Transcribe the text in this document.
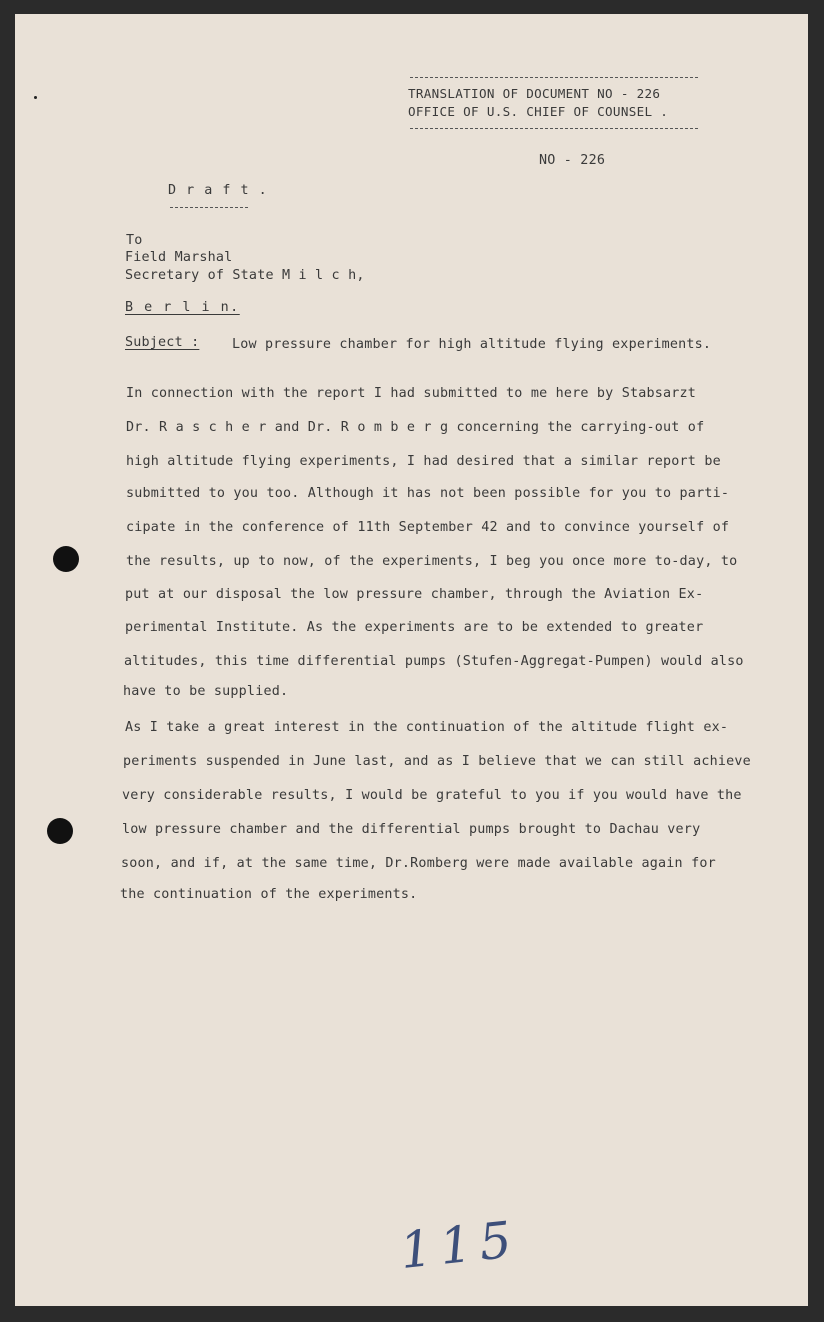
TRANSLATION OF DOCUMENT NO - 226
OFFICE OF U.S. CHIEF OF COUNSEL .
NO - 226
D r a f t .
To
Field Marshal
Secretary of State M i l c h,
B e r l i n.
Subject : Low pressure chamber for high altitude flying experiments.
In connection with the report I had submitted to me here by Stabsarzt
Dr. R a s c h e r and Dr. R o m b e r g concerning the carrying-out of
high altitude flying experiments, I had desired that a similar report be
submitted to you too. Although it has not been possible for you to parti-
cipate in the conference of 11th September 42 and to convince yourself of
the results, up to now, of the experiments, I beg you once more to-day, to
put at our disposal the low pressure chamber, through the Aviation Ex-
perimental Institute. As the experiments are to be extended to greater
altitudes, this time differential pumps (Stufen-Aggregat-Pumpen) would also
have to be supplied.
As I take a great interest in the continuation of the altitude flight ex-
periments suspended in June last, and as I believe that we can still achieve
very considerable results, I would be grateful to you if you would have the
low pressure chamber and the differential pumps brought to Dachau very
soon, and if, at the same time, Dr.Romberg were made available again for
the continuation of the experiments.
115
